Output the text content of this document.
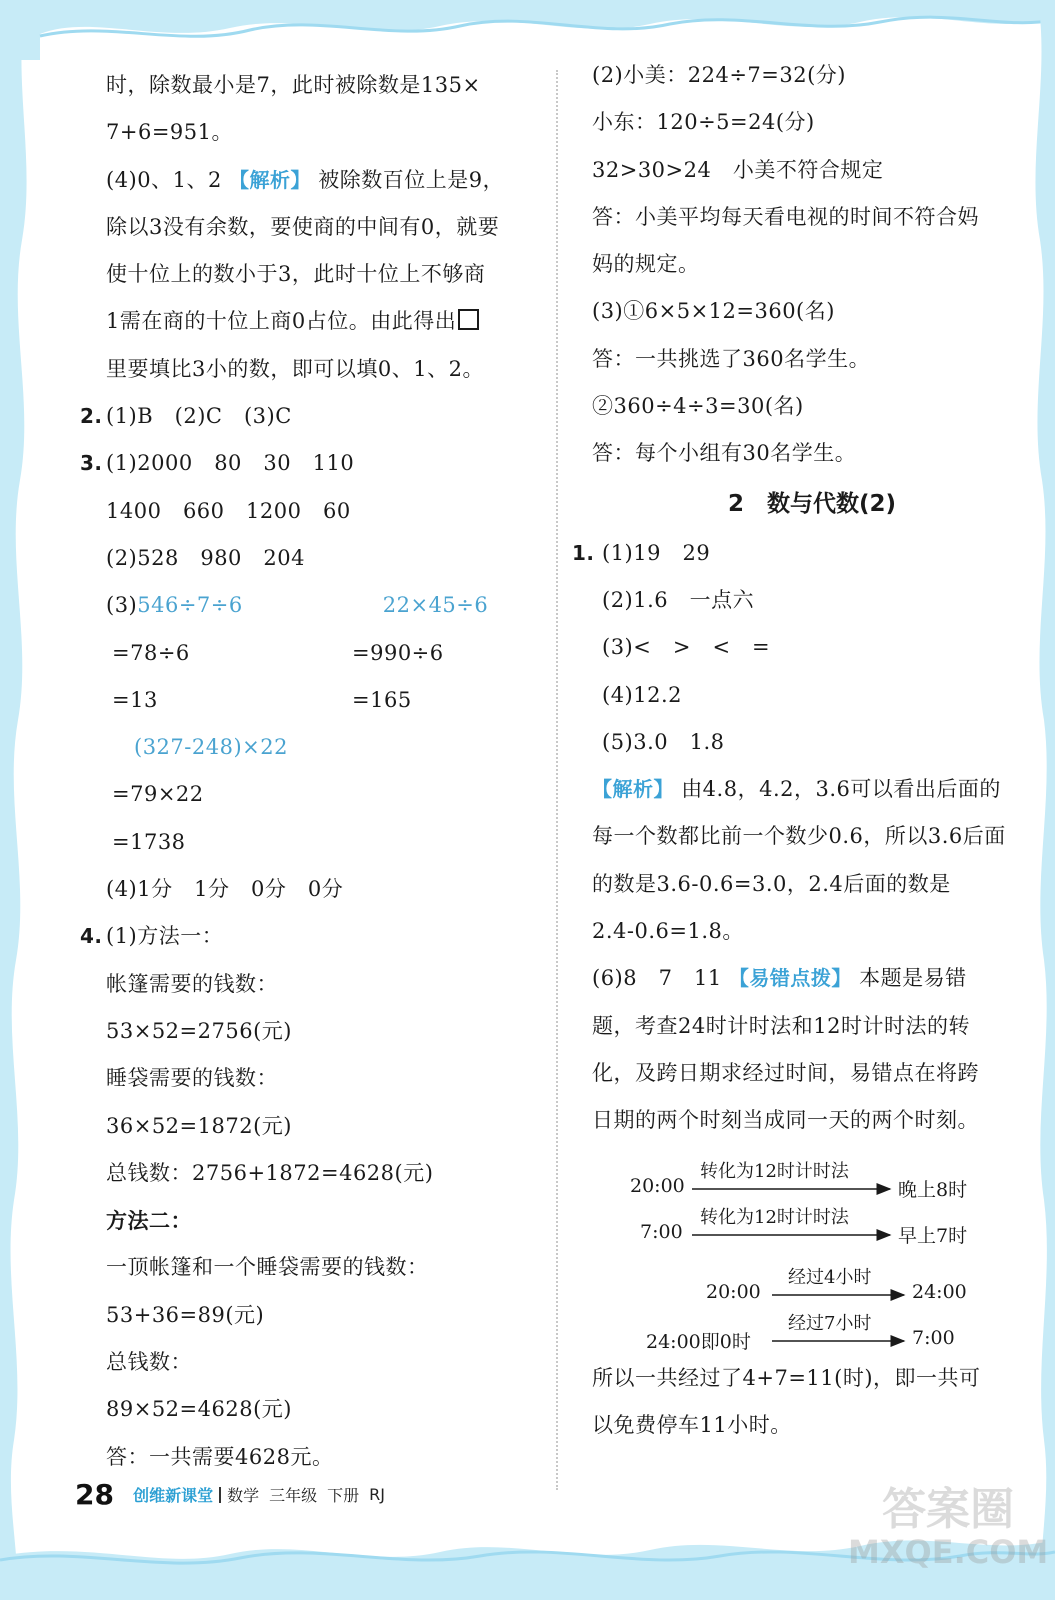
时，除数最小是7，此时被除数是135×
7+6=951。
(4)0、1、2 【解析】 被除数百位上是9，
除以3没有余数，要使商的中间有0，就要
使十位上的数小于3，此时十位上不够商
1需在商的十位上商0占位。由此得出
里要填比3小的数，即可以填0、1、2。
2. (1)B　(2)C　(3)C
3. (1)2000　80　30　110
1400　660　1200　60
(2)528　980　204
(3)546÷7÷6	22×45÷6
=78÷6	=990÷6
=13	=165
(327-248)×22
=79×22
=1738
(4)1分　1分　0分　0分
4. (1)方法一：
帐篷需要的钱数：
53×52=2756(元)
睡袋需要的钱数：
36×52=1872(元)
总钱数：2756+1872=4628(元)
方法二：
一顶帐篷和一个睡袋需要的钱数：
53+36=89(元)
总钱数：
89×52=4628(元)
答：一共需要4628元。
(2)小美：224÷7=32(分)
小东：120÷5=24(分)
32>30>24　小美不符合规定
答：小美平均每天看电视的时间不符合妈
妈的规定。
(3)①6×5×12=360(名)
答：一共挑选了360名学生。
②360÷4÷3=30(名)
答：每个小组有30名学生。
2　数与代数(2)
1. (1)19　29
(2)1.6　一点六
(3)<　>　<　=
(4)12.2
(5)3.0　1.8
【解析】 由4.8，4.2，3.6可以看出后面的
每一个数都比前一个数少0.6，所以3.6后面
的数是3.6-0.6=3.0，2.4后面的数是
2.4-0.6=1.8。
(6)8　7　11 【易错点拨】 本题是易错
题，考查24时计时法和12时计时法的转
化，及跨日期求经过时间，易错点在将跨
日期的两个时刻当成同一天的两个时刻。
20:00
转化为12时计时法
晚上8时
7:00
转化为12时计时法
早上7时
20:00
经过4小时
24:00
24:00即0时
经过7小时
7:00
所以一共经过了4+7=11(时)，即一共可
以免费停车11小时。
28 创维新课堂 数学 三年级 下册 RJ	答案圈
MXQE.COM
